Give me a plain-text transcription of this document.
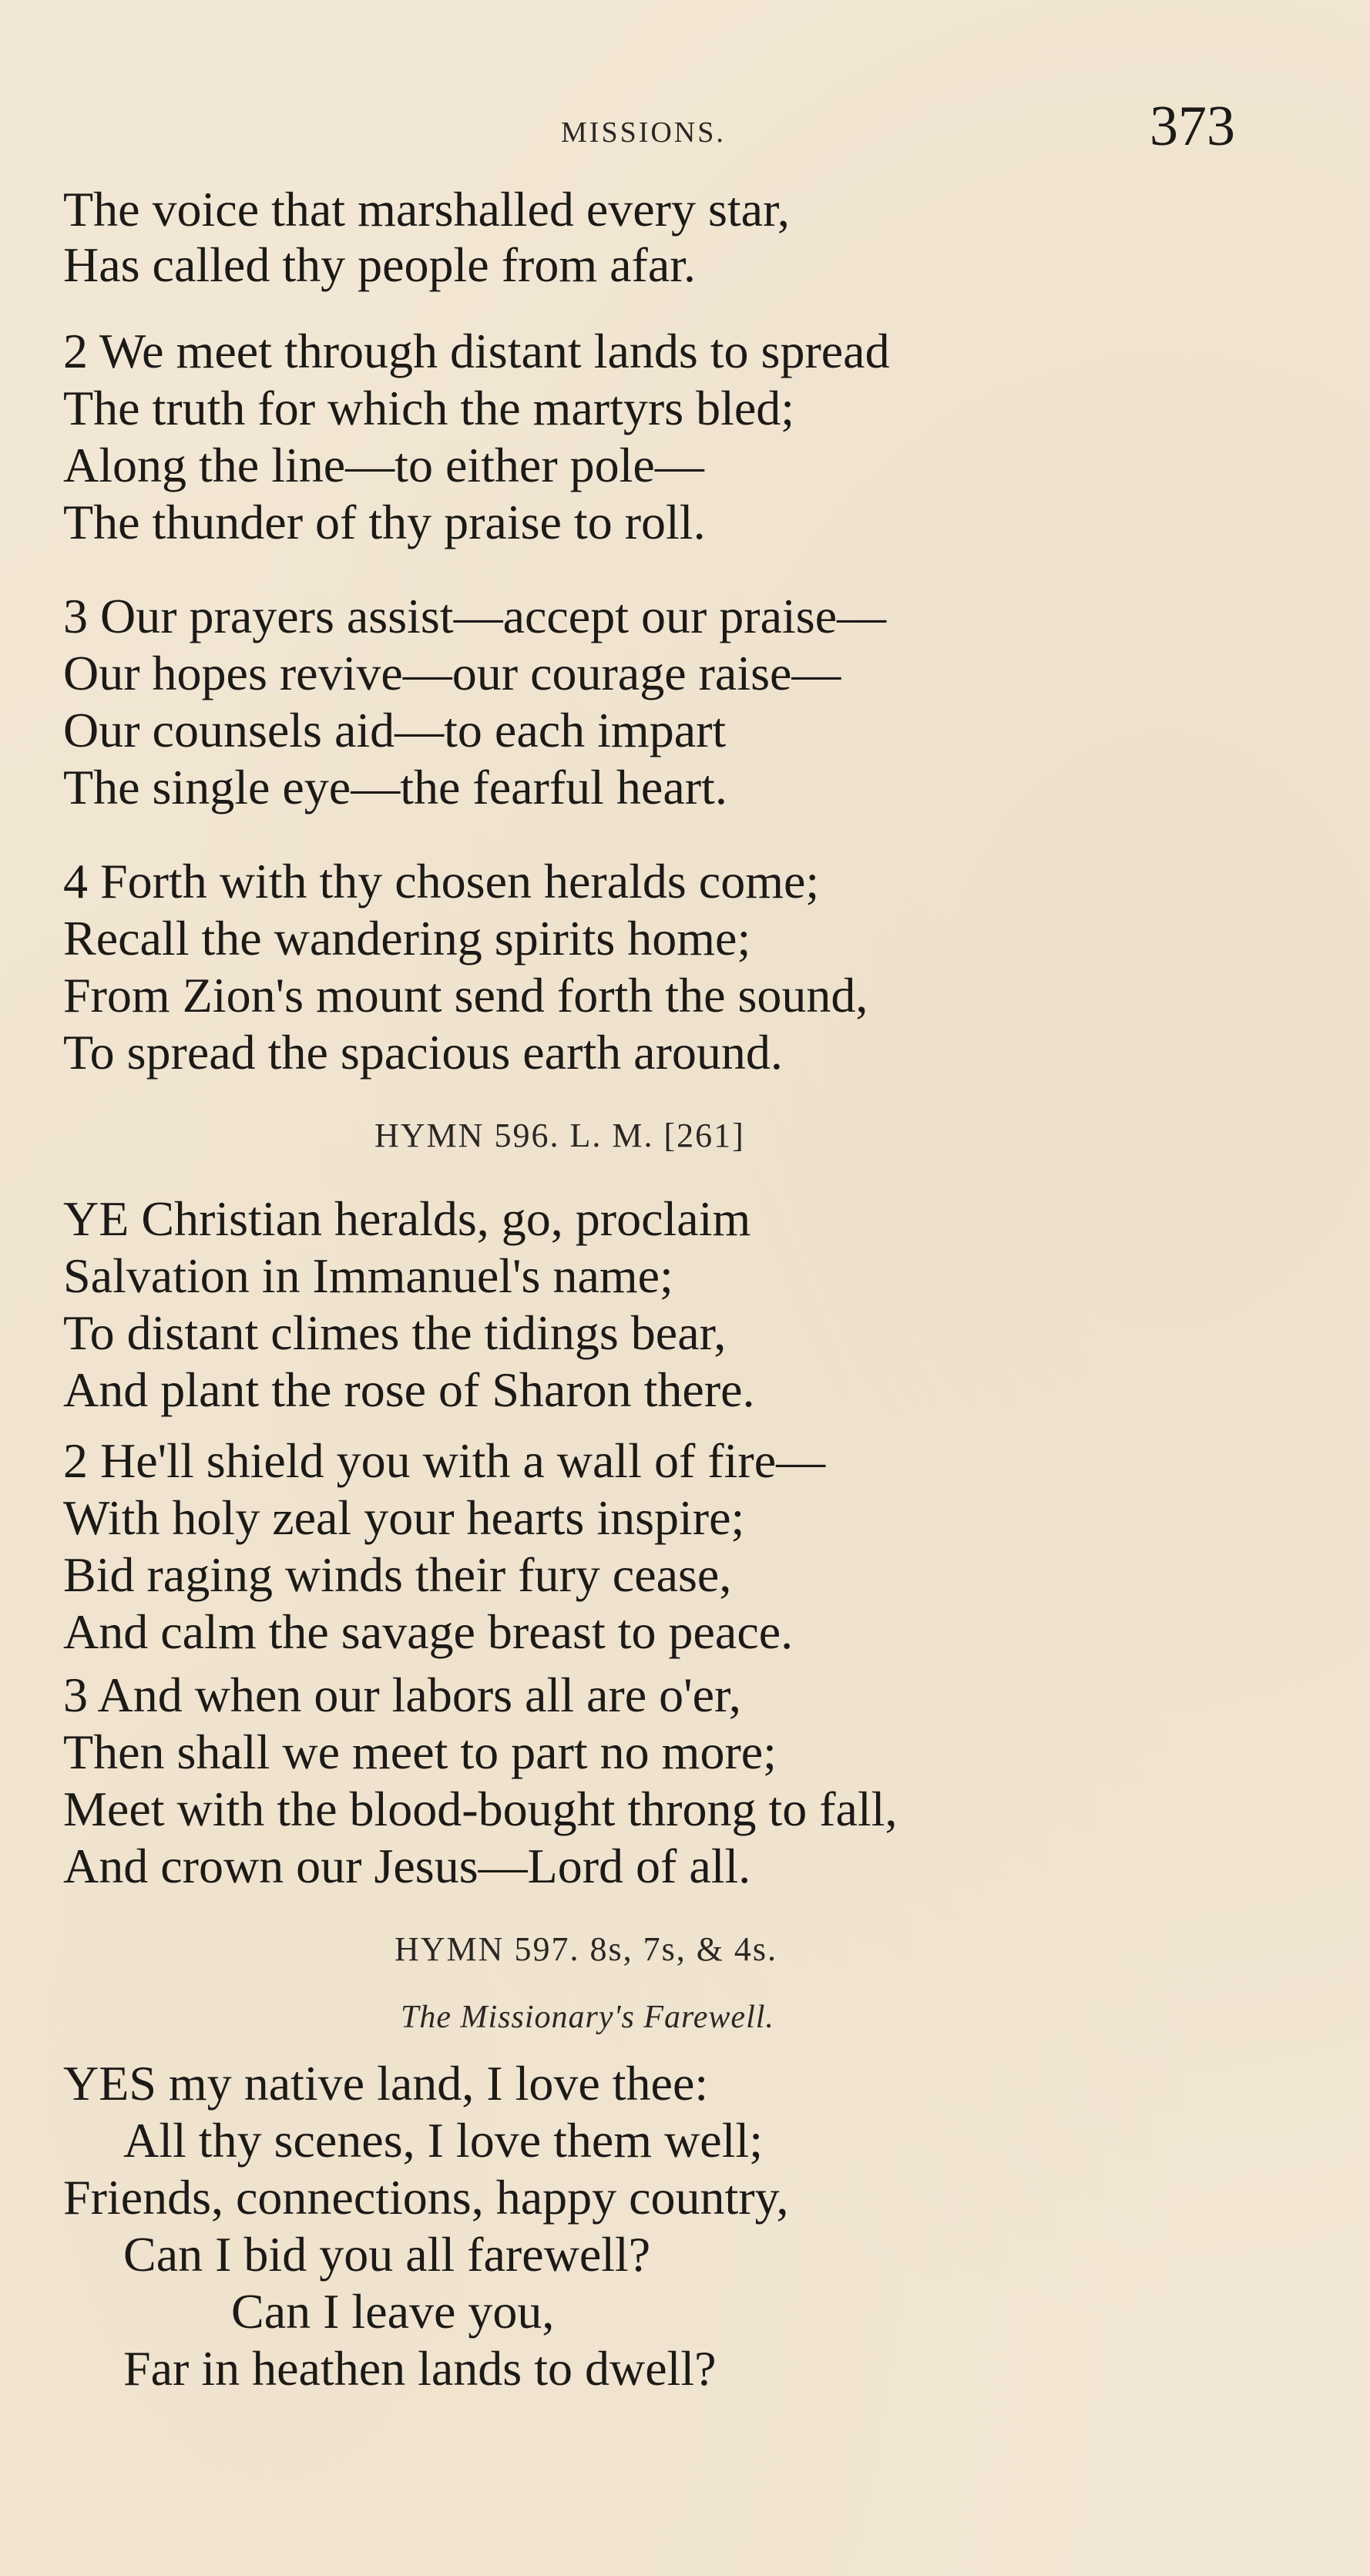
MISSIONS.	373
The voice that marshalled every star,
Has called thy people from afar.
2 We meet through distant lands to spread
The truth for which the martyrs bled;
Along the line—to either pole—
The thunder of thy praise to roll.
3 Our prayers assist—accept our praise—
Our hopes revive—our courage raise—
Our counsels aid—to each impart
The single eye—the fearful heart.
4 Forth with thy chosen heralds come;
Recall the wandering spirits home;
From Zion's mount send forth the sound,
To spread the spacious earth around.
HYMN 596. L. M. [261]
YE Christian heralds, go, proclaim
Salvation in Immanuel's name;
To distant climes the tidings bear,
And plant the rose of Sharon there.
2 He'll shield you with a wall of fire—
With holy zeal your hearts inspire;
Bid raging winds their fury cease,
And calm the savage breast to peace.
3 And when our labors all are o'er,
Then shall we meet to part no more;
Meet with the blood-bought throng to fall,
And crown our Jesus—Lord of all.
HYMN 597. 8s, 7s, & 4s.
The Missionary's Farewell.
YES my native land, I love thee:
All thy scenes, I love them well;
Friends, connections, happy country,
Can I bid you all farewell?
Can I leave you,
Far in heathen lands to dwell?
